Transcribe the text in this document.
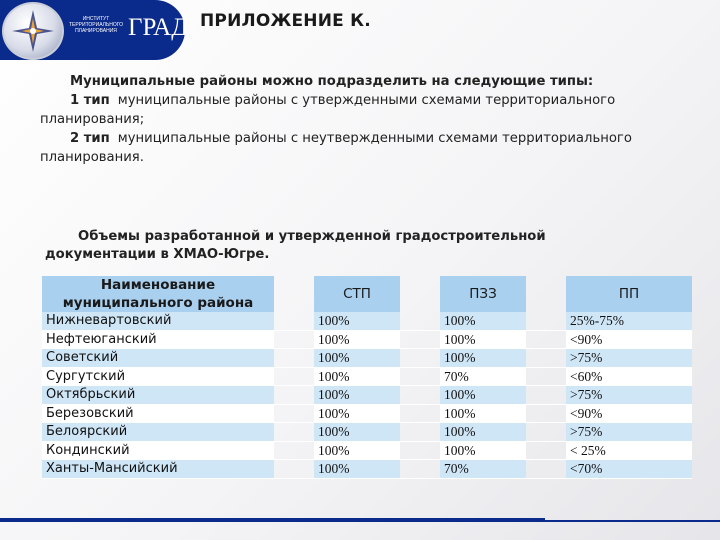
ИНСТИТУТ ТЕРРИТОРИАЛЬНОГО ПЛАНИРОВАНИЯ ГРАД ПРИЛОЖЕНИЕ К.
Муниципальные районы можно подразделить на следующие типы:
1 тип муниципальные районы с утвержденными схемами территориального
планирования;
2 тип муниципальные районы с неутвержденными схемами территориального
планирования.
Объемы разработанной и утвержденной градостроительной
документации в ХМАО-Югре.
Наименование
муниципального района		СТП		ПЗЗ		ПП
Нижневартовский		100%		100%		25%-75%
Нефтеюганский		100%		100%		<90%
Советский		100%		100%		>75%
Сургутский		100%		70%		<60%
Октябрьский		100%		100%		>75%
Березовский		100%		100%		<90%
Белоярский		100%		100%		>75%
Кондинский		100%		100%		< 25%
Ханты-Мансийский		100%		70%		<70%
